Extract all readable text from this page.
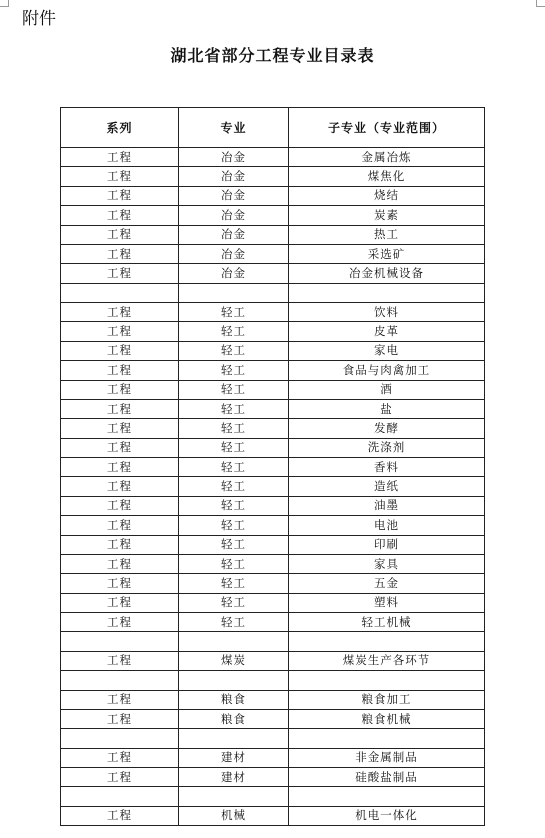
附件
湖北省部分工程专业目录表
系列	专业	子专业（专业范围）
工程	冶金	金属冶炼
工程	冶金	煤焦化
工程	冶金	烧结
工程	冶金	炭素
工程	冶金	热工
工程	冶金	采选矿
工程	冶金	冶金机械设备

工程	轻工	饮料
工程	轻工	皮革
工程	轻工	家电
工程	轻工	食品与肉禽加工
工程	轻工	酒
工程	轻工	盐
工程	轻工	发酵
工程	轻工	洗涤剂
工程	轻工	香料
工程	轻工	造纸
工程	轻工	油墨
工程	轻工	电池
工程	轻工	印刷
工程	轻工	家具
工程	轻工	五金
工程	轻工	塑料
工程	轻工	轻工机械

工程	煤炭	煤炭生产各环节

工程	粮食	粮食加工
工程	粮食	粮食机械

工程	建材	非金属制品
工程	建材	硅酸盐制品

工程	机械	机电一体化
